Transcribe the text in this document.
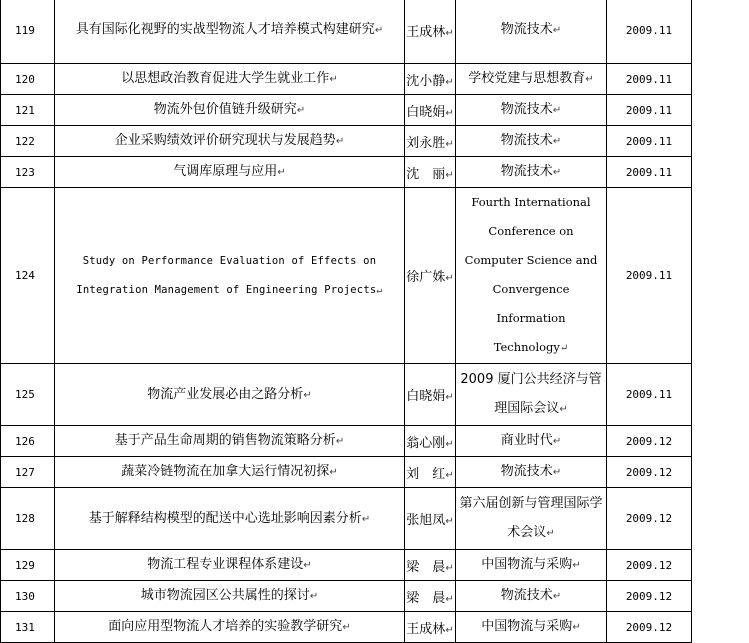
119	具有国际化视野的实战型物流人才培养模式构建研究↵	王成林↵	物流技术↵	2009.11
120	以思想政治教育促进大学生就业工作↵	沈小静↵	学校党建与思想教育↵	2009.11
121	物流外包价值链升级研究↵	白晓娟↵	物流技术↵	2009.11
122	企业采购绩效评价研究现状与发展趋势↵	刘永胜↵	物流技术↵	2009.11
123	气调库原理与应用↵	沈　丽↵	物流技术↵	2009.11
124	Study on Performance Evaluation of Effects on Integration Management of Engineering Projects↵	徐广姝↵	Fourth International Conference on Computer Science and Convergence Information Technology↵	2009.11
125	物流产业发展必由之路分析↵	白晓娟↵	2009 厦门公共经济与管理国际会议↵	2009.11
126	基于产品生命周期的销售物流策略分析↵	翁心刚↵	商业时代↵	2009.12
127	蔬菜冷链物流在加拿大运行情况初探↵	刘　红↵	物流技术↵	2009.12
128	基于解释结构模型的配送中心选址影响因素分析↵	张旭凤↵	第六届创新与管理国际学术会议↵	2009.12
129	物流工程专业课程体系建设↵	梁　晨↵	中国物流与采购↵	2009.12
130	城市物流园区公共属性的探讨↵	梁　晨↵	物流技术↵	2009.12
131	面向应用型物流人才培养的实验教学研究↵	王成林↵	中国物流与采购↵	2009.12
